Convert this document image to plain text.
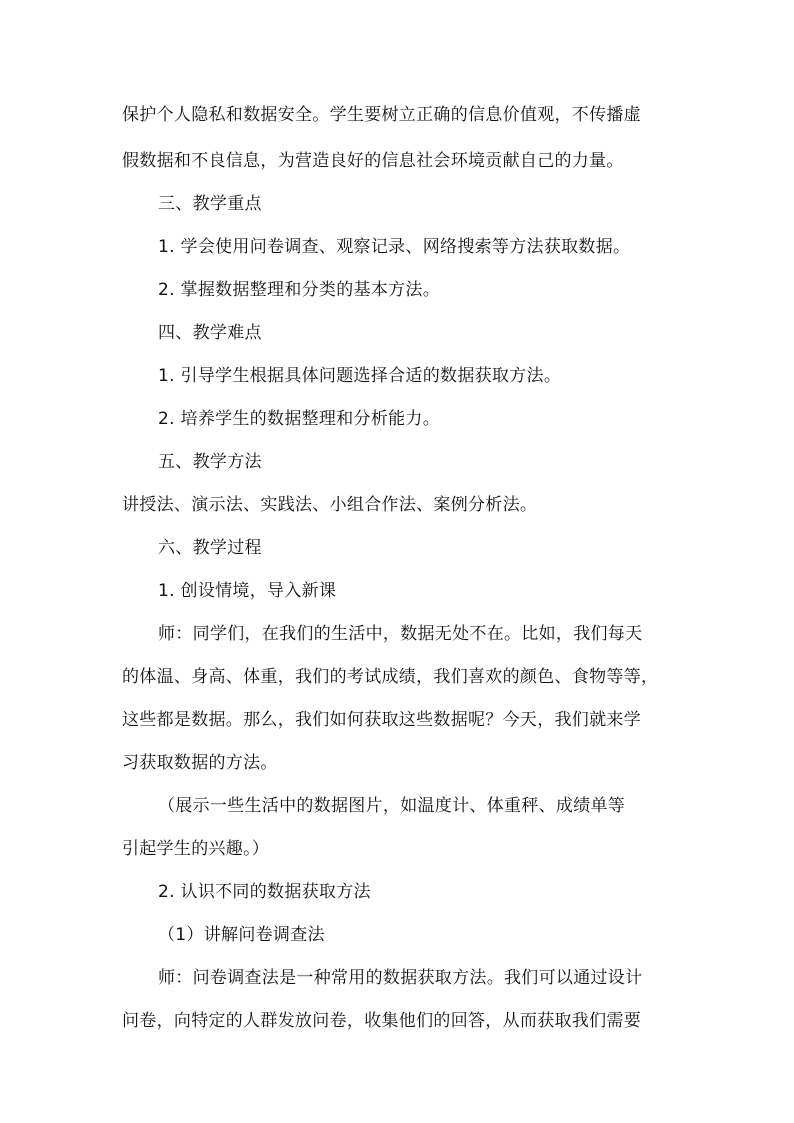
保护个人隐私和数据安全。学生要树立正确的信息价值观，不传播虚
假数据和不良信息，为营造良好的信息社会环境贡献自己的力量。
三、教学重点
1. 学会使用问卷调查、观察记录、网络搜索等方法获取数据。
2. 掌握数据整理和分类的基本方法。
四、教学难点
1. 引导学生根据具体问题选择合适的数据获取方法。
2. 培养学生的数据整理和分析能力。
五、教学方法
讲授法、演示法、实践法、小组合作法、案例分析法。
六、教学过程
1. 创设情境，导入新课
师：同学们，在我们的生活中，数据无处不在。比如，我们每天
的体温、身高、体重，我们的考试成绩，我们喜欢的颜色、食物等等，
这些都是数据。那么，我们如何获取这些数据呢？今天，我们就来学
习获取数据的方法。
（展示一些生活中的数据图片，如温度计、体重秤、成绩单等
引起学生的兴趣。）
2. 认识不同的数据获取方法
（1）讲解问卷调查法
师：问卷调查法是一种常用的数据获取方法。我们可以通过设计
问卷，向特定的人群发放问卷，收集他们的回答，从而获取我们需要
